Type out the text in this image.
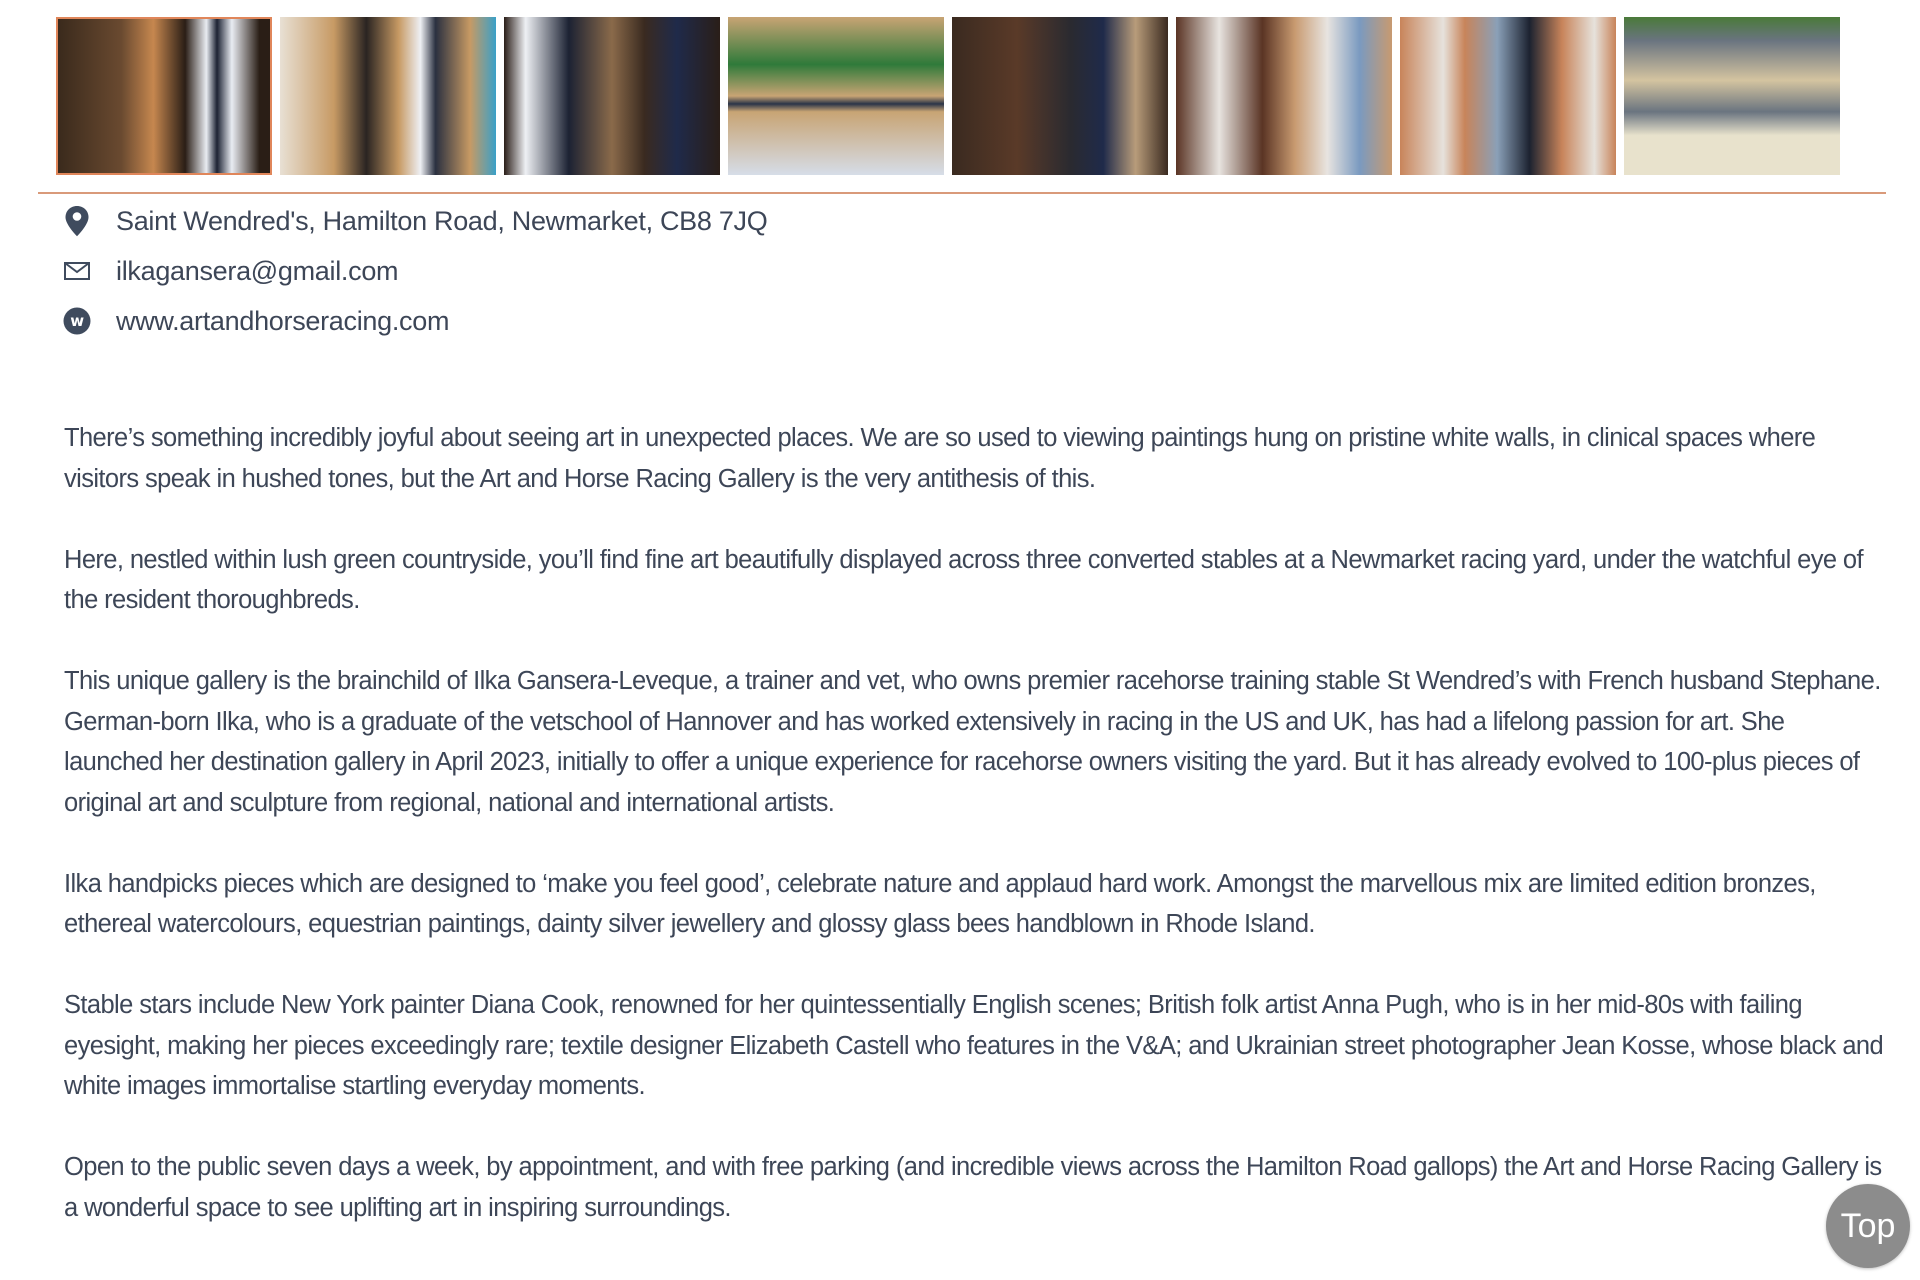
Saint Wendred's, Hamilton Road, Newmarket, CB8 7JQ
ilkagansera@gmail.com
w www.artandhorseracing.com

There’s something incredibly joyful about seeing art in unexpected places. We are so used to viewing paintings hung on pristine white walls, in clinical spaces where visitors speak in hushed tones, but the Art and Horse Racing Gallery is the very antithesis of this.

Here, nestled within lush green countryside, you’ll find fine art beautifully displayed across three converted stables at a Newmarket racing yard, under the watchful eye of the resident thoroughbreds.

This unique gallery is the brainchild of Ilka Gansera-Leveque, a trainer and vet, who owns premier racehorse training stable St Wendred’s with French husband Stephane. German-born Ilka, who is a graduate of the vetschool of Hannover and has worked extensively in racing in the US and UK, has had a lifelong passion for art. She launched her destination gallery in April 2023, initially to offer a unique experience for racehorse owners visiting the yard. But it has already evolved to 100-plus pieces of original art and sculpture from regional, national and international artists.

Ilka handpicks pieces which are designed to ‘make you feel good’, celebrate nature and applaud hard work. Amongst the marvellous mix are limited edition bronzes, ethereal watercolours, equestrian paintings, dainty silver jewellery and glossy glass bees handblown in Rhode Island.

Stable stars include New York painter Diana Cook, renowned for her quintessentially English scenes; British folk artist Anna Pugh, who is in her mid-80s with failing eyesight, making her pieces exceedingly rare; textile designer Elizabeth Castell who features in the V&A; and Ukrainian street photographer Jean Kosse, whose black and white images immortalise startling everyday moments.

Open to the public seven days a week, by appointment, and with free parking (and incredible views across the Hamilton Road gallops) the Art and Horse Racing Gallery is a wonderful space to see uplifting art in inspiring surroundings.	Top
